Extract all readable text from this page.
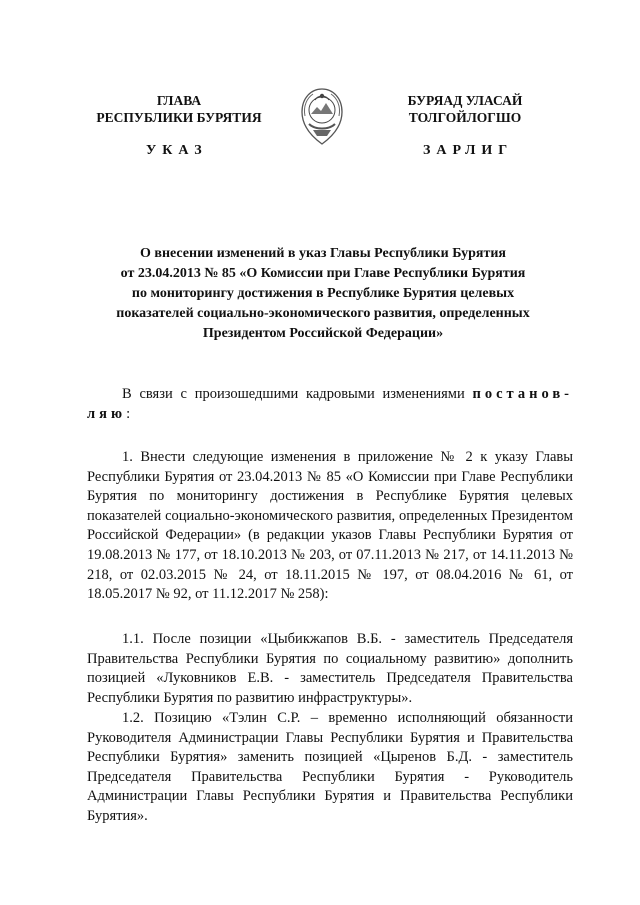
ГЛАВА
РЕСПУБЛИКИ БУРЯТИЯ
УКАЗ
БУРЯАД УЛАСАЙ
ТОЛГОЙЛОГШО
ЗАРЛИГ
О внесении изменений в указ Главы Республики Бурятия
от 23.04.2013 № 85 «О Комиссии при Главе Республики Бурятия
по мониторингу достижения в Республике Бурятия целевых
показателей социально-экономического развития, определенных
Президентом Российской Федерации»

В связи с произошедшими кадровыми изменениями постанов-

ляю:

1. Внести следующие изменения в приложение № 2 к указу Главы Республики Бурятия от 23.04.2013 № 85 «О Комиссии при Главе Республики Бурятия по мониторингу достижения в Республике Бурятия целевых показателей социально-экономического развития, определенных Президентом Российской Федерации» (в редакции указов Главы Республики Бурятия от 19.08.2013 № 177, от 18.10.2013 № 203, от 07.11.2013 № 217, от 14.11.2013 № 218, от 02.03.2015 № 24, от 18.11.2015 № 197, от 08.04.2016 № 61, от 18.05.2017 № 92, от 11.12.2017 № 258):

1.1. После позиции «Цыбикжапов В.Б. - заместитель Председателя Правительства Республики Бурятия по социальному развитию» дополнить позицией «Луковников Е.В. - заместитель Председателя Правительства Республики Бурятия по развитию инфраструктуры».

1.2. Позицию «Тэлин С.Р. – временно исполняющий обязанности Руководителя Администрации Главы Республики Бурятия и Правительства Республики Бурятия» заменить позицией «Цыренов Б.Д. - заместитель Председателя Правительства Республики Бурятия - Руководитель Администрации Главы Республики Бурятия и Правительства Республики Бурятия».
